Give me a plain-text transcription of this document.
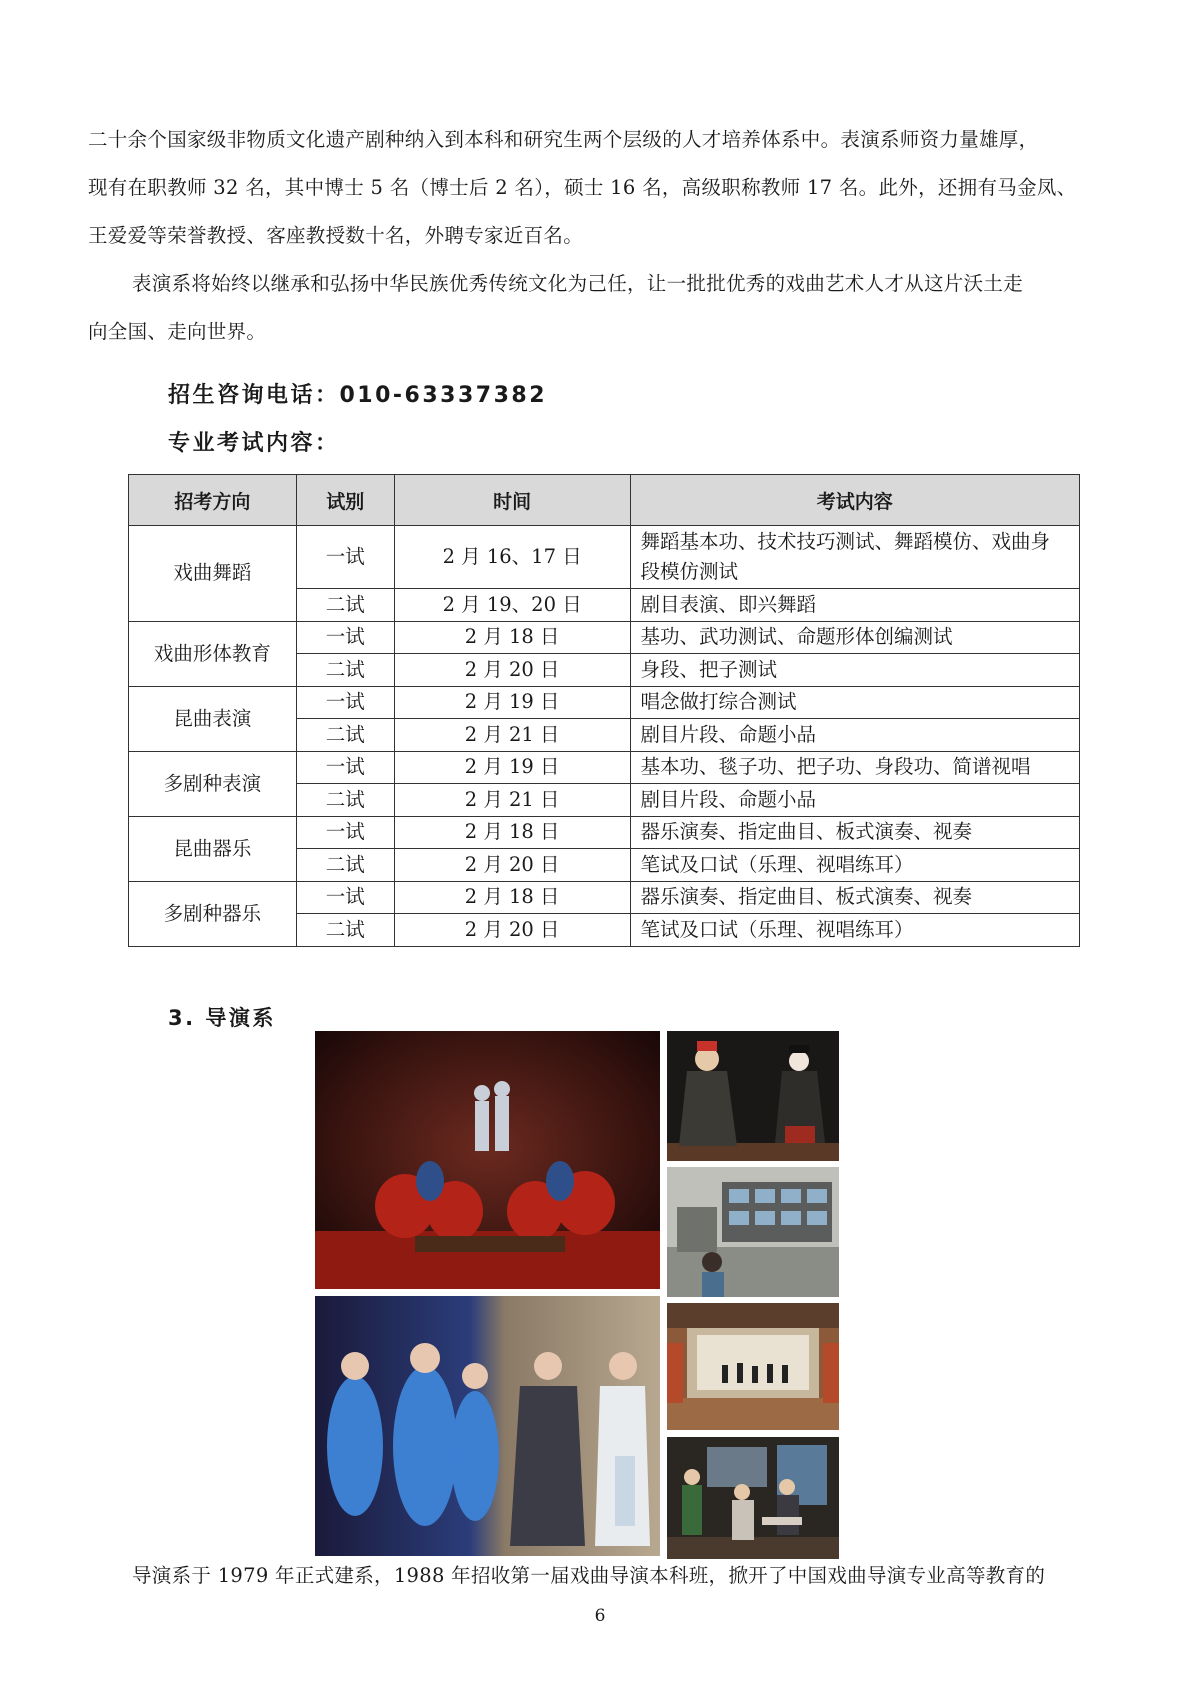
二十余个国家级非物质文化遗产剧种纳入到本科和研究生两个层级的人才培养体系中。表演系师资力量雄厚，

现有在职教师 32 名，其中博士 5 名（博士后 2 名），硕士 16 名，高级职称教师 17 名。此外，还拥有马金凤、

王爱爱等荣誉教授、客座教授数十名，外聘专家近百名。

表演系将始终以继承和弘扬中华民族优秀传统文化为己任，让一批批优秀的戏曲艺术人才从这片沃土走

向全国、走向世界。

招生咨询电话：010-63337382

专业考试内容：

招考方向	试别	时间	考试内容
戏曲舞蹈	一试	2 月 16、17 日	舞蹈基本功、技术技巧测试、舞蹈模仿、戏曲身段模仿测试
	二试	2 月 19、20 日	剧目表演、即兴舞蹈
戏曲形体教育	一试	2 月 18 日	基功、武功测试、命题形体创编测试
	二试	2 月 20 日	身段、把子测试
昆曲表演	一试	2 月 19 日	唱念做打综合测试
	二试	2 月 21 日	剧目片段、命题小品
多剧种表演	一试	2 月 19 日	基本功、毯子功、把子功、身段功、简谱视唱
	二试	2 月 21 日	剧目片段、命题小品
昆曲器乐	一试	2 月 18 日	器乐演奏、指定曲目、板式演奏、视奏
	二试	2 月 20 日	笔试及口试（乐理、视唱练耳）
多剧种器乐	一试	2 月 18 日	器乐演奏、指定曲目、板式演奏、视奏
	二试	2 月 20 日	笔试及口试（乐理、视唱练耳）

3. 导演系

导演系于 1979 年正式建系，1988 年招收第一届戏曲导演本科班，掀开了中国戏曲导演专业高等教育的

6
